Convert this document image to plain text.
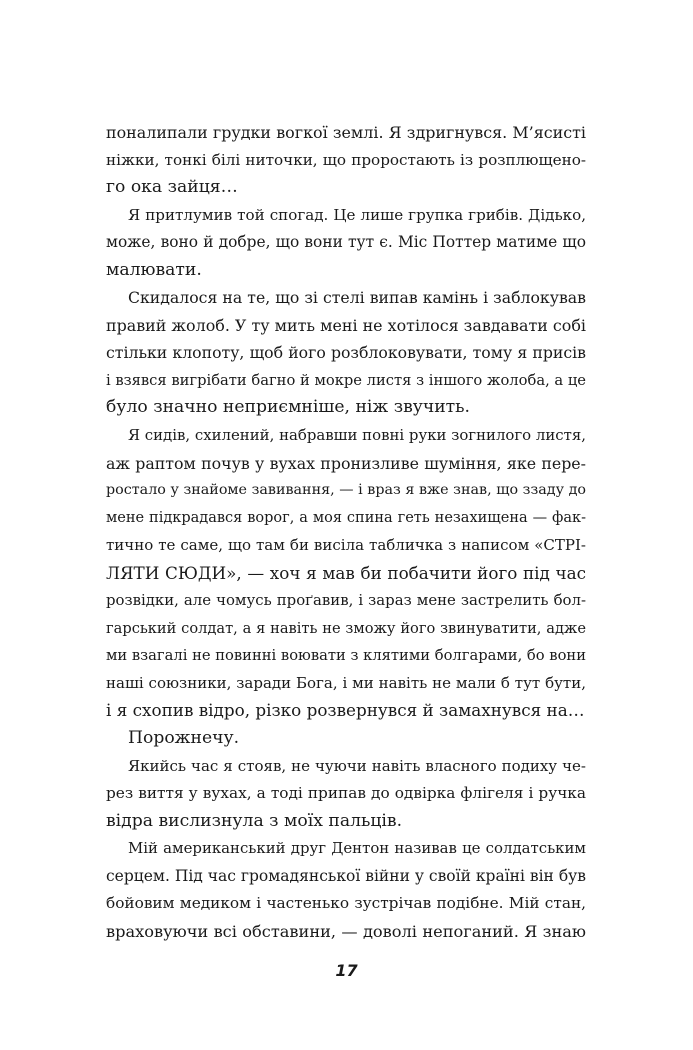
поналипали грудки вогкої землі. Я здригнувся. М’ясисті
ніжки, тонкі білі ниточки, що проростають із розплющено-
го ока зайця…
Я притлумив той спогад. Це лише групка грибів. Дідько,
може, воно й добре, що вони тут є. Міс Поттер матиме що
малювати.
Скидалося на те, що зі стелі випав камінь і заблокував
правий жолоб. У ту мить мені не хотілося завдавати собі
стільки клопоту, щоб його розблоковувати, тому я присів
і взявся вигрібати багно й мокре листя з іншого жолоба, а це
було значно неприємніше, ніж звучить.
Я сидів, схилений, набравши повні руки зогнилого листя,
аж раптом почув у вухах пронизливе шуміння, яке пере-
ростало у знайоме завивання, — і враз я вже знав, що ззаду до
мене підкрадався ворог, а моя спина геть незахищена — фак-
тично те саме, що там би висіла табличка з написом «СТРІ-
ЛЯТИ СЮДИ», — хоч я мав би побачити його під час
розвідки, але чомусь проґавив, і зараз мене застрелить бол-
гарський солдат, а я навіть не зможу його звинуватити, адже
ми взагалі не повинні воювати з клятими болгарами, бо вони
наші союзники, заради Бога, і ми навіть не мали б тут бути,
і я схопив відро, різко розвернувся й замахнувся на…
Порожнечу.
Якийсь час я стояв, не чуючи навіть власного подиху че-
рез виття у вухах, а тоді припав до одвірка флігеля і ручка
відра вислизнула з моїх пальців.
Мій американський друг Дентон називав це солдатським
серцем. Під час громадянської війни у своїй країні він був
бойовим медиком і частенько зустрічав подібне. Мій стан,
враховуючи всі обставини, — доволі непоганий. Я знаю
17
